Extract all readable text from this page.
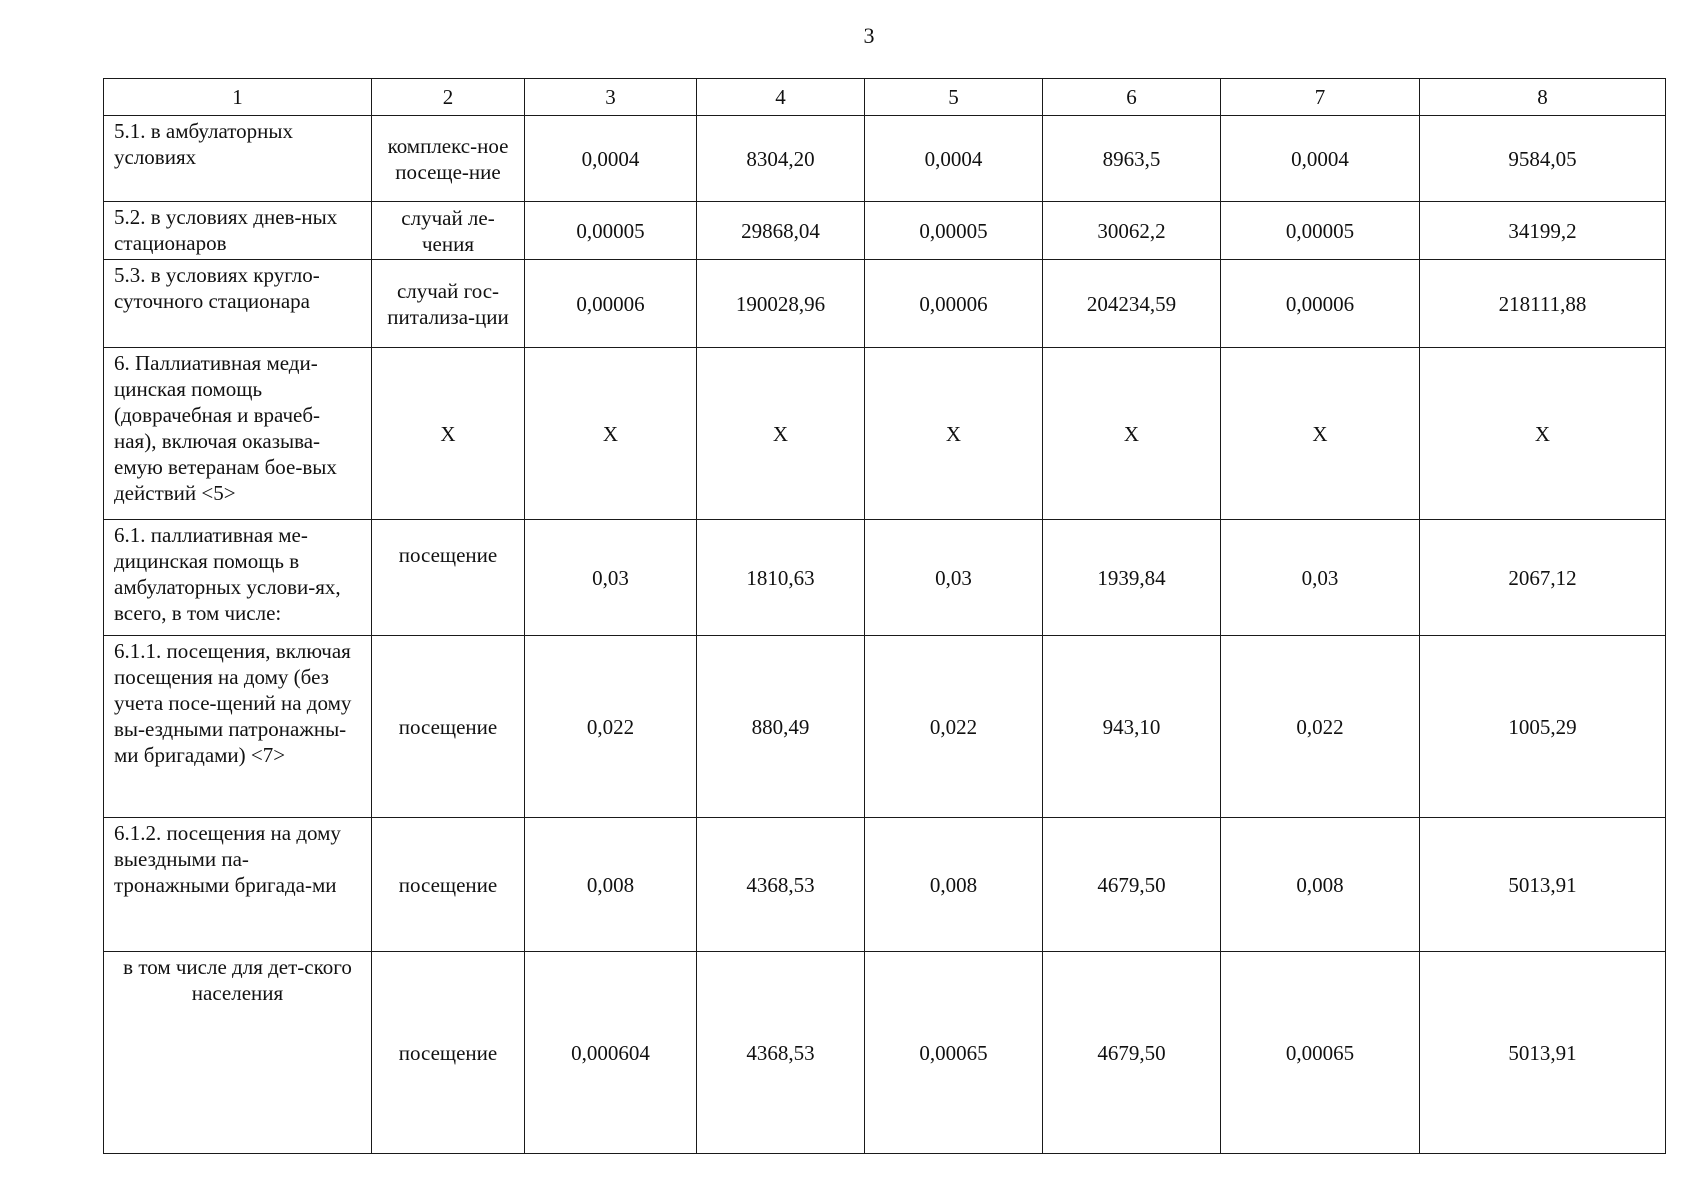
3
1	2	3	4	5	6	7	8
5.1. в амбулаторных условиях	комплекс-ное посеще-ние	0,0004	8304,20	0,0004	8963,5	0,0004	9584,05
5.2. в условиях днев-ных стационаров	случай ле-чения	0,00005	29868,04	0,00005	30062,2	0,00005	34199,2
5.3. в условиях кругло-суточного стационара	случай гос-питализа-ции	0,00006	190028,96	0,00006	204234,59	0,00006	218111,88
6. Паллиативная меди-цинская помощь (доврачебная и врачеб-ная), включая оказыва-емую ветеранам бое-вых действий <5>	X	X	X	X	X	X	X
6.1. паллиативная ме-дицинская помощь в амбулаторных услови-ях, всего, в том числе:	посещение	0,03	1810,63	0,03	1939,84	0,03	2067,12
6.1.1. посещения, включая посещения на дому (без учета посе-щений на дому вы-ездными патронажны-ми бригадами) <7>	посещение	0,022	880,49	0,022	943,10	0,022	1005,29
6.1.2. посещения на дому выездными па-тронажными бригада-ми	посещение	0,008	4368,53	0,008	4679,50	0,008	5013,91
в том числе для дет-ского населения	посещение	0,000604	4368,53	0,00065	4679,50	0,00065	5013,91
